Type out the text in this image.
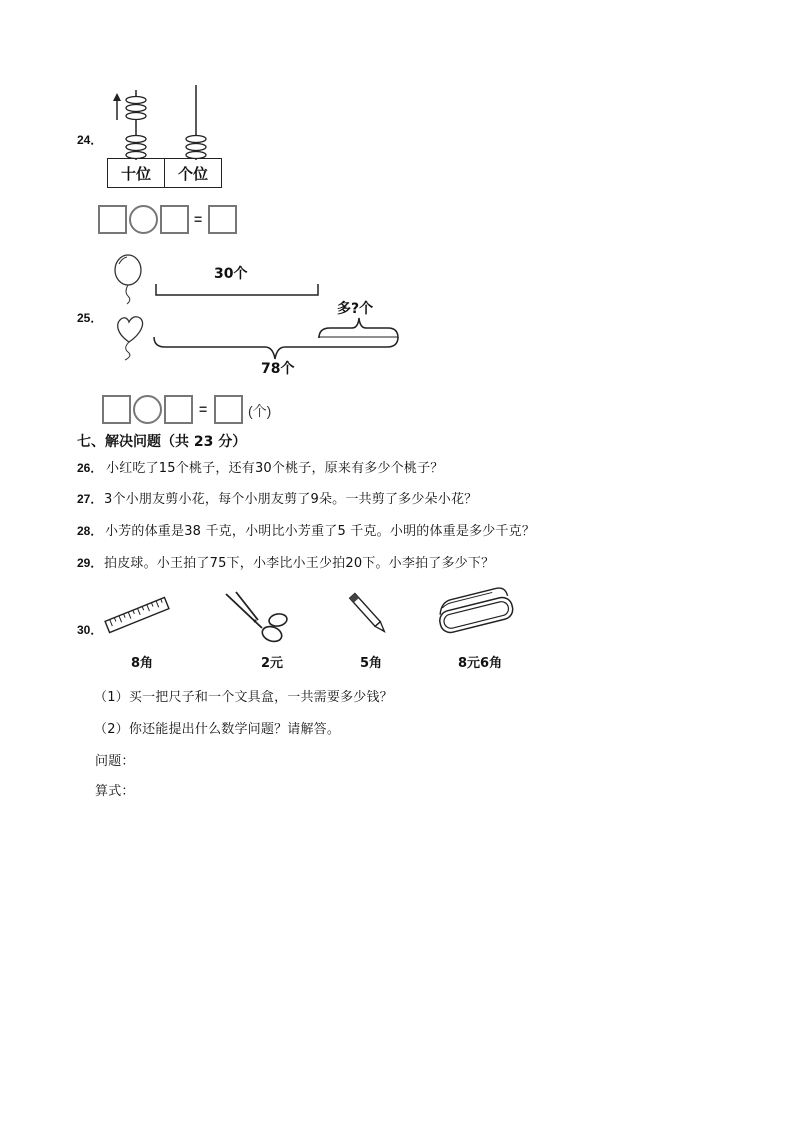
24．
十位	个位
=
25．
30个
多?个
78个
=	(个)
七、解决问题（共 23 分）
26． 小红吃了15个桃子，还有30个桃子，原来有多少个桃子？
27． 3个小朋友剪小花，每个小朋友剪了9朵。一共剪了多少朵小花？
28． 小芳的体重是38 千克，小明比小芳重了5 千克。小明的体重是多少千克？
29． 拍皮球。小王拍了75下，小李比小王少拍20下。小李拍了多少下？
30．
8角	2元	5角	8元6角
（1）买一把尺子和一个文具盒，一共需要多少钱？
（2）你还能提出什么数学问题？请解答。
问题：
算式：
